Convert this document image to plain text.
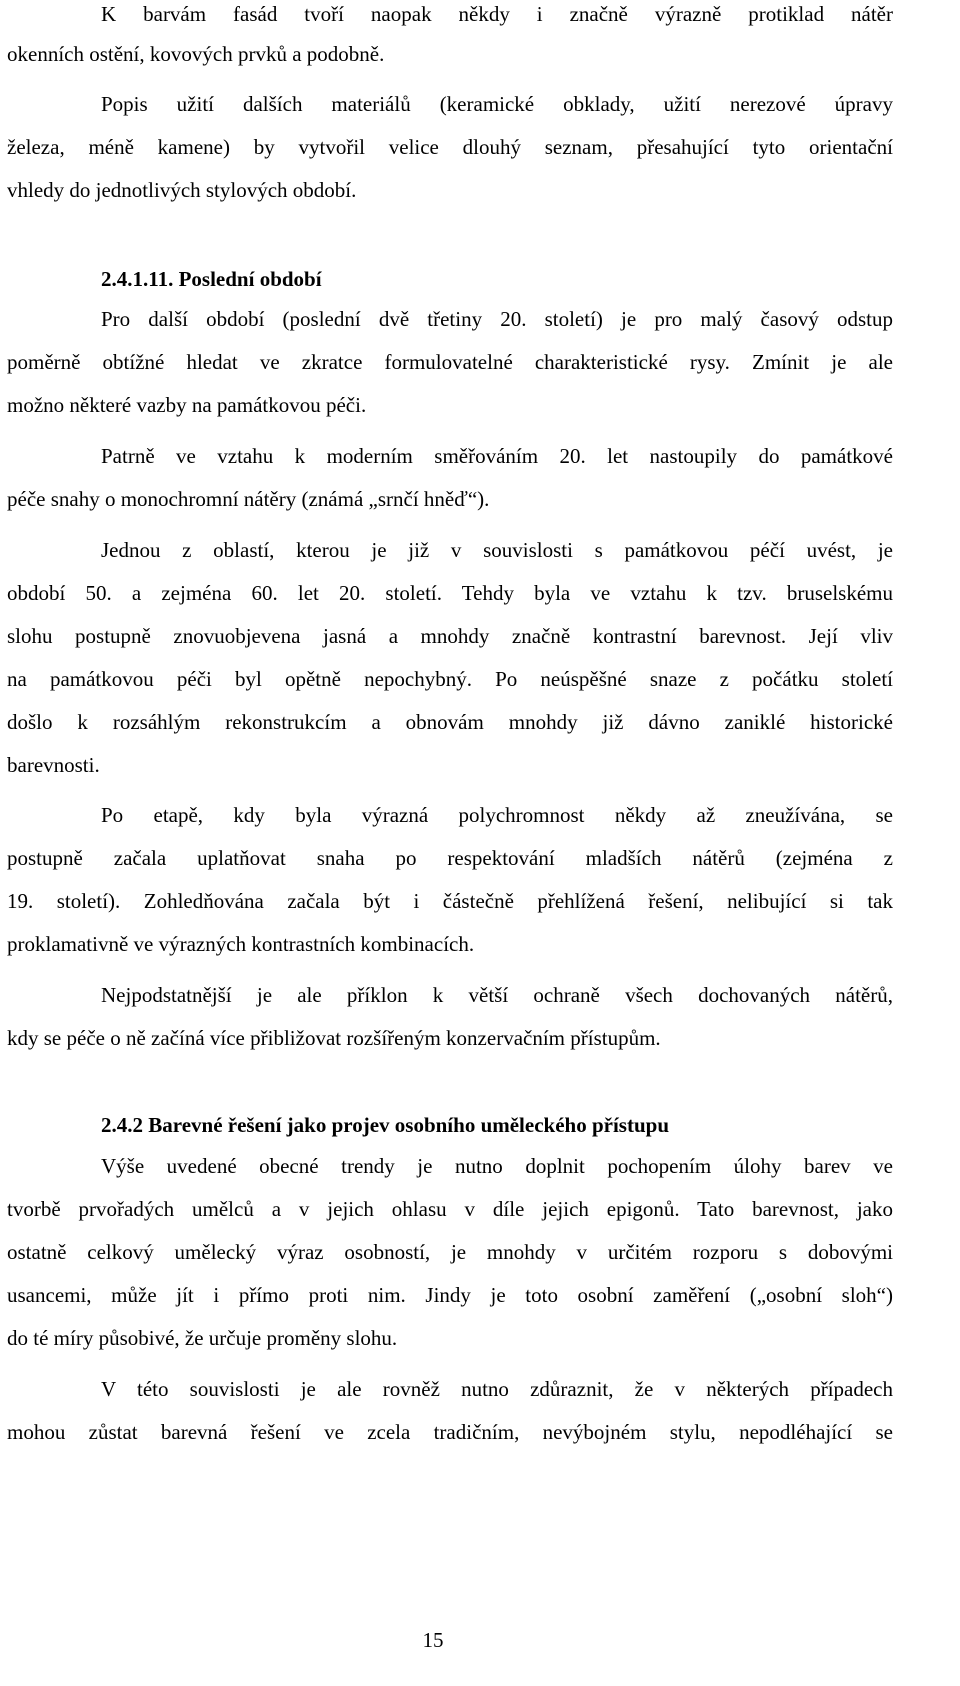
K barvám fasád tvoří naopak někdy i značně výrazně protiklad nátěr
okenních ostění, kovových prvků a podobně.
Popis užití dalších materiálů (keramické obklady, užití nerezové úpravy
železa, méně kamene) by vytvořil velice dlouhý seznam, přesahující tyto orientační
vhledy do jednotlivých stylových období.
2.4.1.11. Poslední období
Pro další období (poslední dvě třetiny 20. století) je pro malý časový odstup
poměrně obtížné hledat ve zkratce formulovatelné charakteristické rysy. Zmínit je ale
možno některé vazby na památkovou péči.
Patrně ve vztahu k moderním směřováním 20. let nastoupily do památkové
péče snahy o monochromní nátěry (známá „srnčí hněď“).
Jednou z oblastí, kterou je již v souvislosti s památkovou péčí uvést, je
období 50. a zejména 60. let 20. století. Tehdy byla ve vztahu k tzv. bruselskému
slohu postupně znovuobjevena jasná a mnohdy značně kontrastní barevnost. Její vliv
na památkovou péči byl opětně nepochybný. Po neúspěšné snaze z počátku století
došlo k rozsáhlým rekonstrukcím a obnovám mnohdy již dávno zaniklé historické
barevnosti.
Po etapě, kdy byla výrazná polychromnost někdy až zneužívána, se
postupně začala uplatňovat snaha po respektování mladších nátěrů (zejména z
19. století). Zohledňována začala být i částečně přehlížená řešení, nelibující si tak
proklamativně ve výrazných kontrastních kombinacích.
Nejpodstatnější je ale příklon k větší ochraně všech dochovaných nátěrů,
kdy se péče o ně začíná více přibližovat rozšířeným konzervačním přístupům.
2.4.2 Barevné řešení jako projev osobního uměleckého přístupu
Výše uvedené obecné trendy je nutno doplnit pochopením úlohy barev ve
tvorbě prvořadých umělců a v jejich ohlasu v díle jejich epigonů. Tato barevnost, jako
ostatně celkový umělecký výraz osobností, je mnohdy v určitém rozporu s dobovými
usancemi, může jít i přímo proti nim. Jindy je toto osobní zaměření („osobní sloh“)
do té míry působivé, že určuje proměny slohu.
V této souvislosti je ale rovněž nutno zdůraznit, že v některých případech
mohou zůstat barevná řešení ve zcela tradičním, nevýbojném stylu, nepodléhající se
15
